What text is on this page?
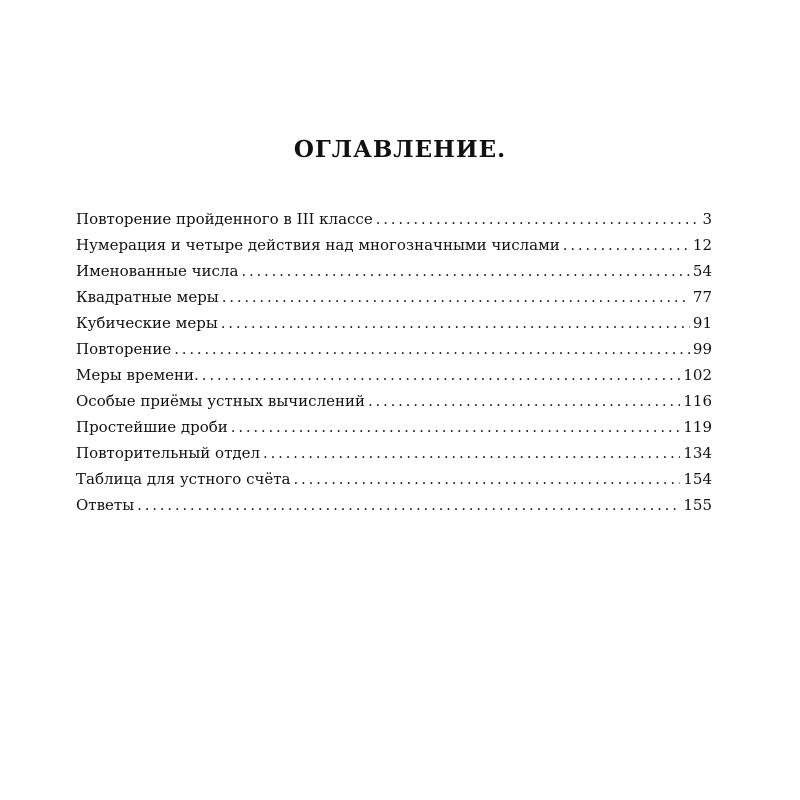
ОГЛАВЛЕНИЕ.
Повторение пройденного в III классе . . .	3
Нумерация и четыре действия над многозначными числами . . .	12
Именованные числа . . .	54
Квадратные меры . . .	77
Кубические меры . . .	91
Повторение . . .	99
Меры времени. . . .	102
Особые приёмы устных вычислений . . .	116
Простейшие дроби . . .	119
Повторительный отдел . . .	134
Таблица для устного счёта . . .	154
Ответы . . .	155
